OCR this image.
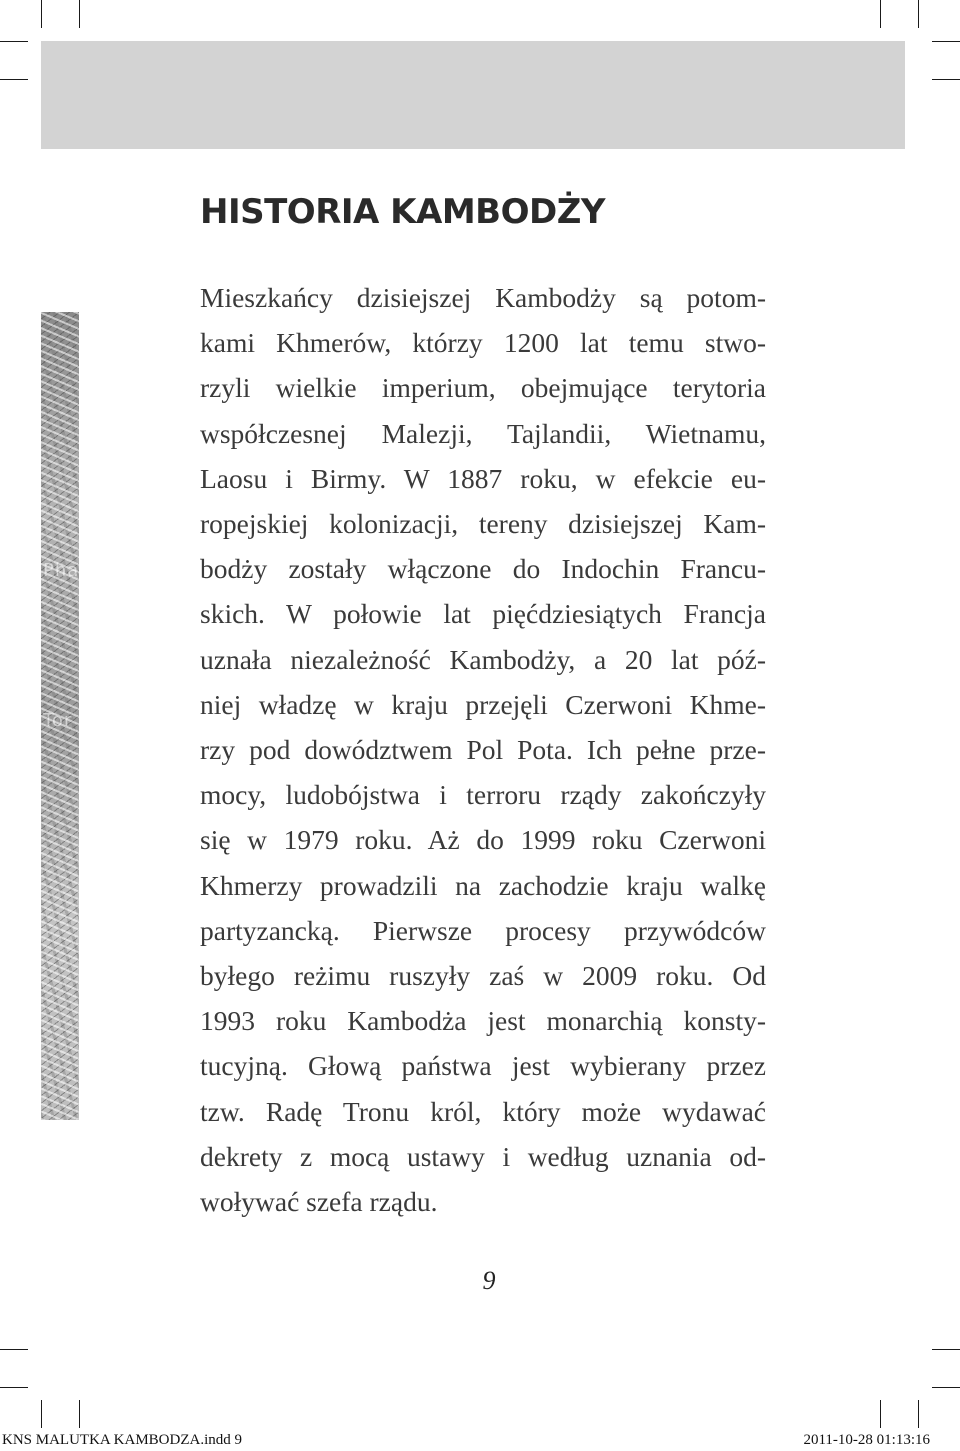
Pha
Tor
HISTORIA KAMBODŻY
Mieszkańcy dzisiejszej Kambodży są potom-
kami Khmerów, którzy 1200 lat temu stwo-
rzyli wielkie imperium, obejmujące terytoria
współczesnej Malezji, Tajlandii, Wietnamu,
Laosu i Birmy. W 1887 roku, w efekcie eu-
ropejskiej kolonizacji, tereny dzisiejszej Kam-
bodży zostały włączone do Indochin Francu-
skich. W połowie lat pięćdziesiątych Francja
uznała niezależność Kambodży, a 20 lat póź-
niej władzę w kraju przejęli Czerwoni Khme-
rzy pod dowództwem Pol Pota. Ich pełne prze-
mocy, ludobójstwa i terroru rządy zakończyły
się w 1979 roku. Aż do 1999 roku Czerwoni
Khmerzy prowadzili na zachodzie kraju walkę
partyzancką. Pierwsze procesy przywódców
byłego reżimu ruszyły zaś w 2009 roku. Od
1993 roku Kambodża jest monarchią konsty-
tucyjną. Głową państwa jest wybierany przez
tzw. Radę Tronu król, który może wydawać
dekrety z mocą ustawy i według uznania od-
woływać szefa rządu.
9
KNS MALUTKA KAMBODZA.indd 9	2011-10-28 01:13:16
